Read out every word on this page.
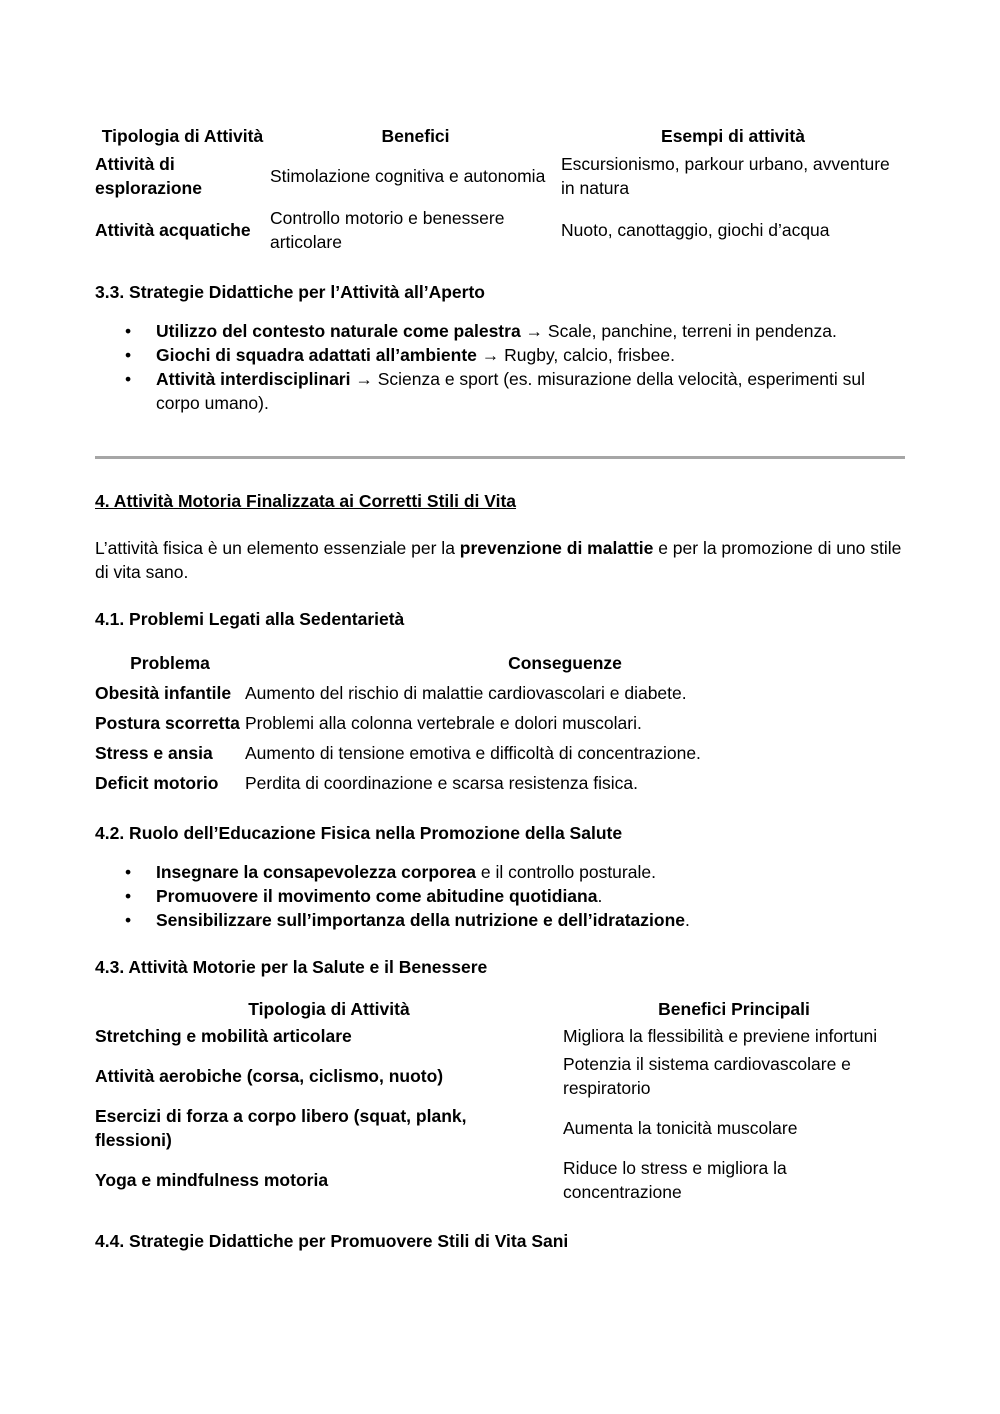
Tipologia di Attività	Benefici	Esempi di attività
Attività di esplorazione	Stimolazione cognitiva e autonomia	Escursionismo, parkour urbano, avventure in natura
Attività acquatiche	Controllo motorio e benessere articolare	Nuoto, canottaggio, giochi d’acqua
3.3. Strategie Didattiche per l’Attività all’Aperto
• Utilizzo del contesto naturale come palestra → Scale, panchine, terreni in pendenza.
• Giochi di squadra adattati all’ambiente → Rugby, calcio, frisbee.
• Attività interdisciplinari → Scienza e sport (es. misurazione della velocità, esperimenti sul corpo umano).
4. Attività Motoria Finalizzata ai Corretti Stili di Vita

L’attività fisica è un elemento essenziale per la prevenzione di malattie e per la promozione di uno stile di vita sano.

4.1. Problemi Legati alla Sedentarietà
Problema	Conseguenze
Obesità infantile	Aumento del rischio di malattie cardiovascolari e diabete.
Postura scorretta	Problemi alla colonna vertebrale e dolori muscolari.
Stress e ansia	Aumento di tensione emotiva e difficoltà di concentrazione.
Deficit motorio	Perdita di coordinazione e scarsa resistenza fisica.
4.2. Ruolo dell’Educazione Fisica nella Promozione della Salute
• Insegnare la consapevolezza corporea e il controllo posturale.
• Promuovere il movimento come abitudine quotidiana.
• Sensibilizzare sull’importanza della nutrizione e dell’idratazione.
4.3. Attività Motorie per la Salute e il Benessere
Tipologia di Attività	Benefici Principali
Stretching e mobilità articolare	Migliora la flessibilità e previene infortuni
Attività aerobiche (corsa, ciclismo, nuoto)	Potenzia il sistema cardiovascolare e respiratorio
Esercizi di forza a corpo libero (squat, plank, flessioni)	Aumenta la tonicità muscolare
Yoga e mindfulness motoria	Riduce lo stress e migliora la concentrazione
4.4. Strategie Didattiche per Promuovere Stili di Vita Sani
